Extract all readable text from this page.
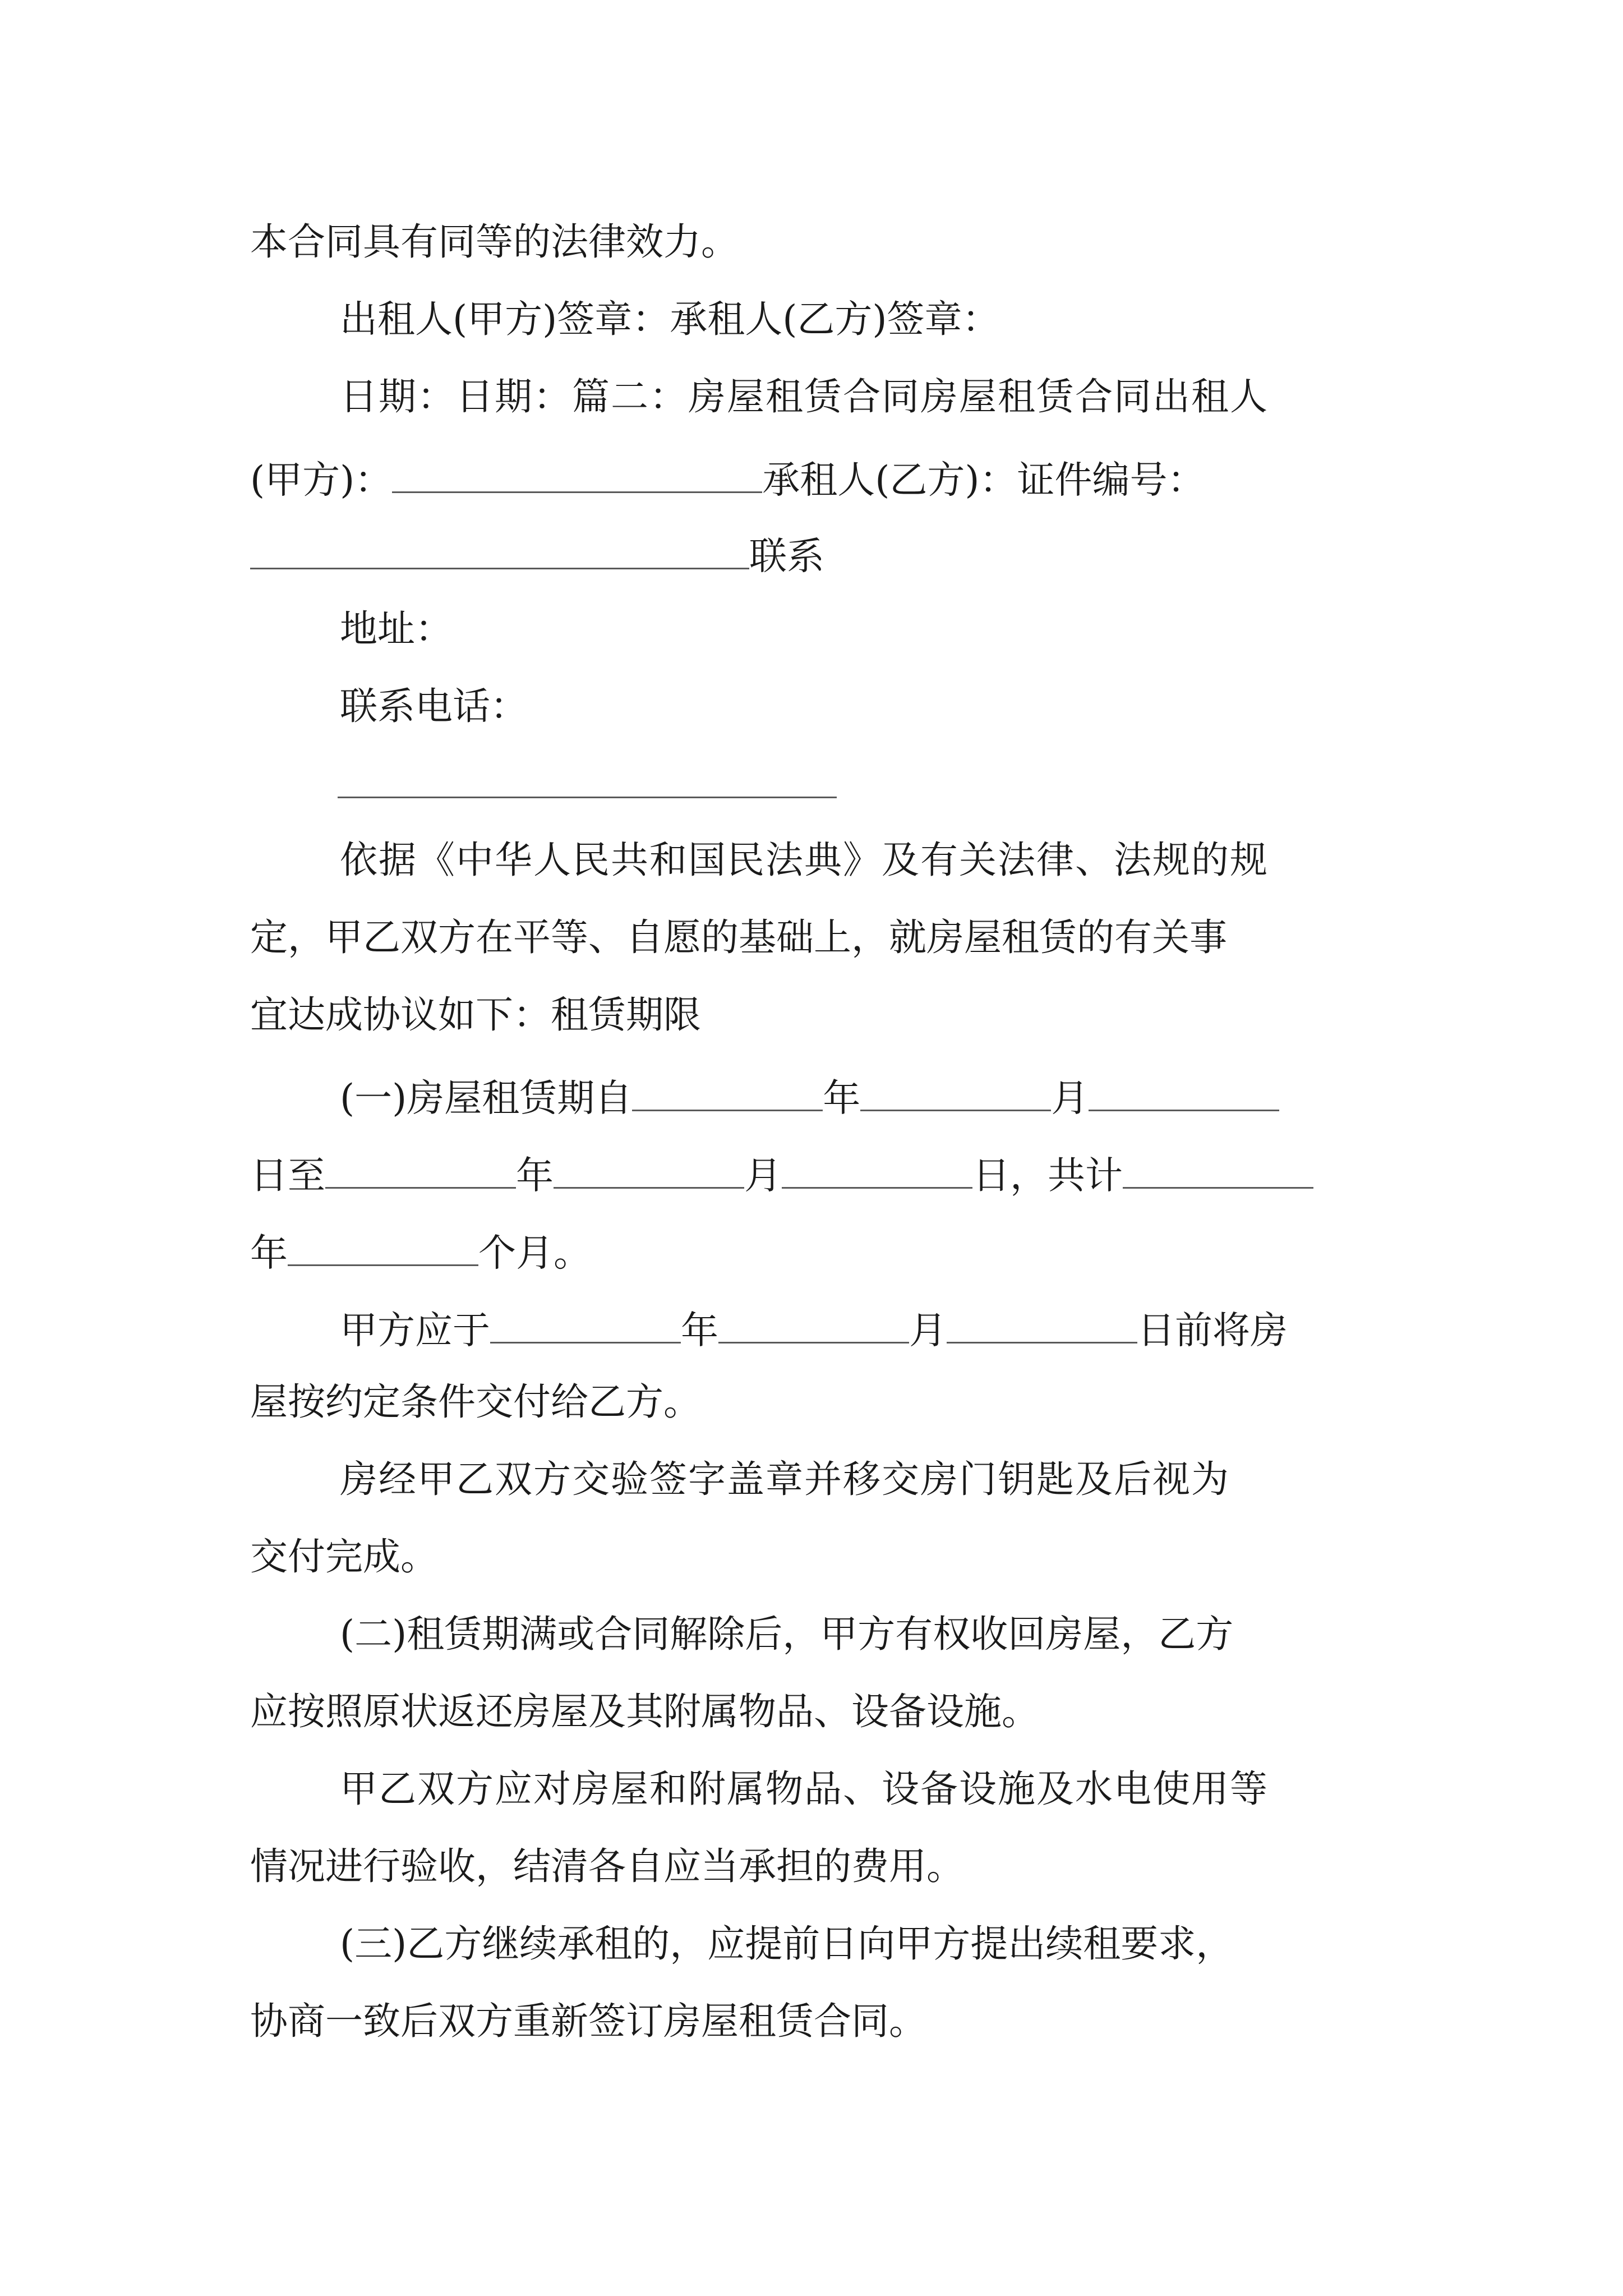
本合同具有同等的法律效力。
出租人(甲方)签章：承租人(乙方)签章：
日期：日期：篇二：房屋租赁合同房屋租赁合同出租人
(甲方)：	承租人(乙方)：证件编号：
联系
地址：
联系电话：
依据《中华人民共和国民法典》及有关法律、法规的规
定，甲乙双方在平等、自愿的基础上，就房屋租赁的有关事
宜达成协议如下：租赁期限
(一)房屋租赁期自	年	月
日至	年	月	日，共计
年	个月。
甲方应于	年	月	日前将房
屋按约定条件交付给乙方。
房经甲乙双方交验签字盖章并移交房门钥匙及后视为
交付完成。
(二)租赁期满或合同解除后，甲方有权收回房屋，乙方
应按照原状返还房屋及其附属物品、设备设施。
甲乙双方应对房屋和附属物品、设备设施及水电使用等
情况进行验收，结清各自应当承担的费用。
(三)乙方继续承租的，应提前日向甲方提出续租要求，
协商一致后双方重新签订房屋租赁合同。
